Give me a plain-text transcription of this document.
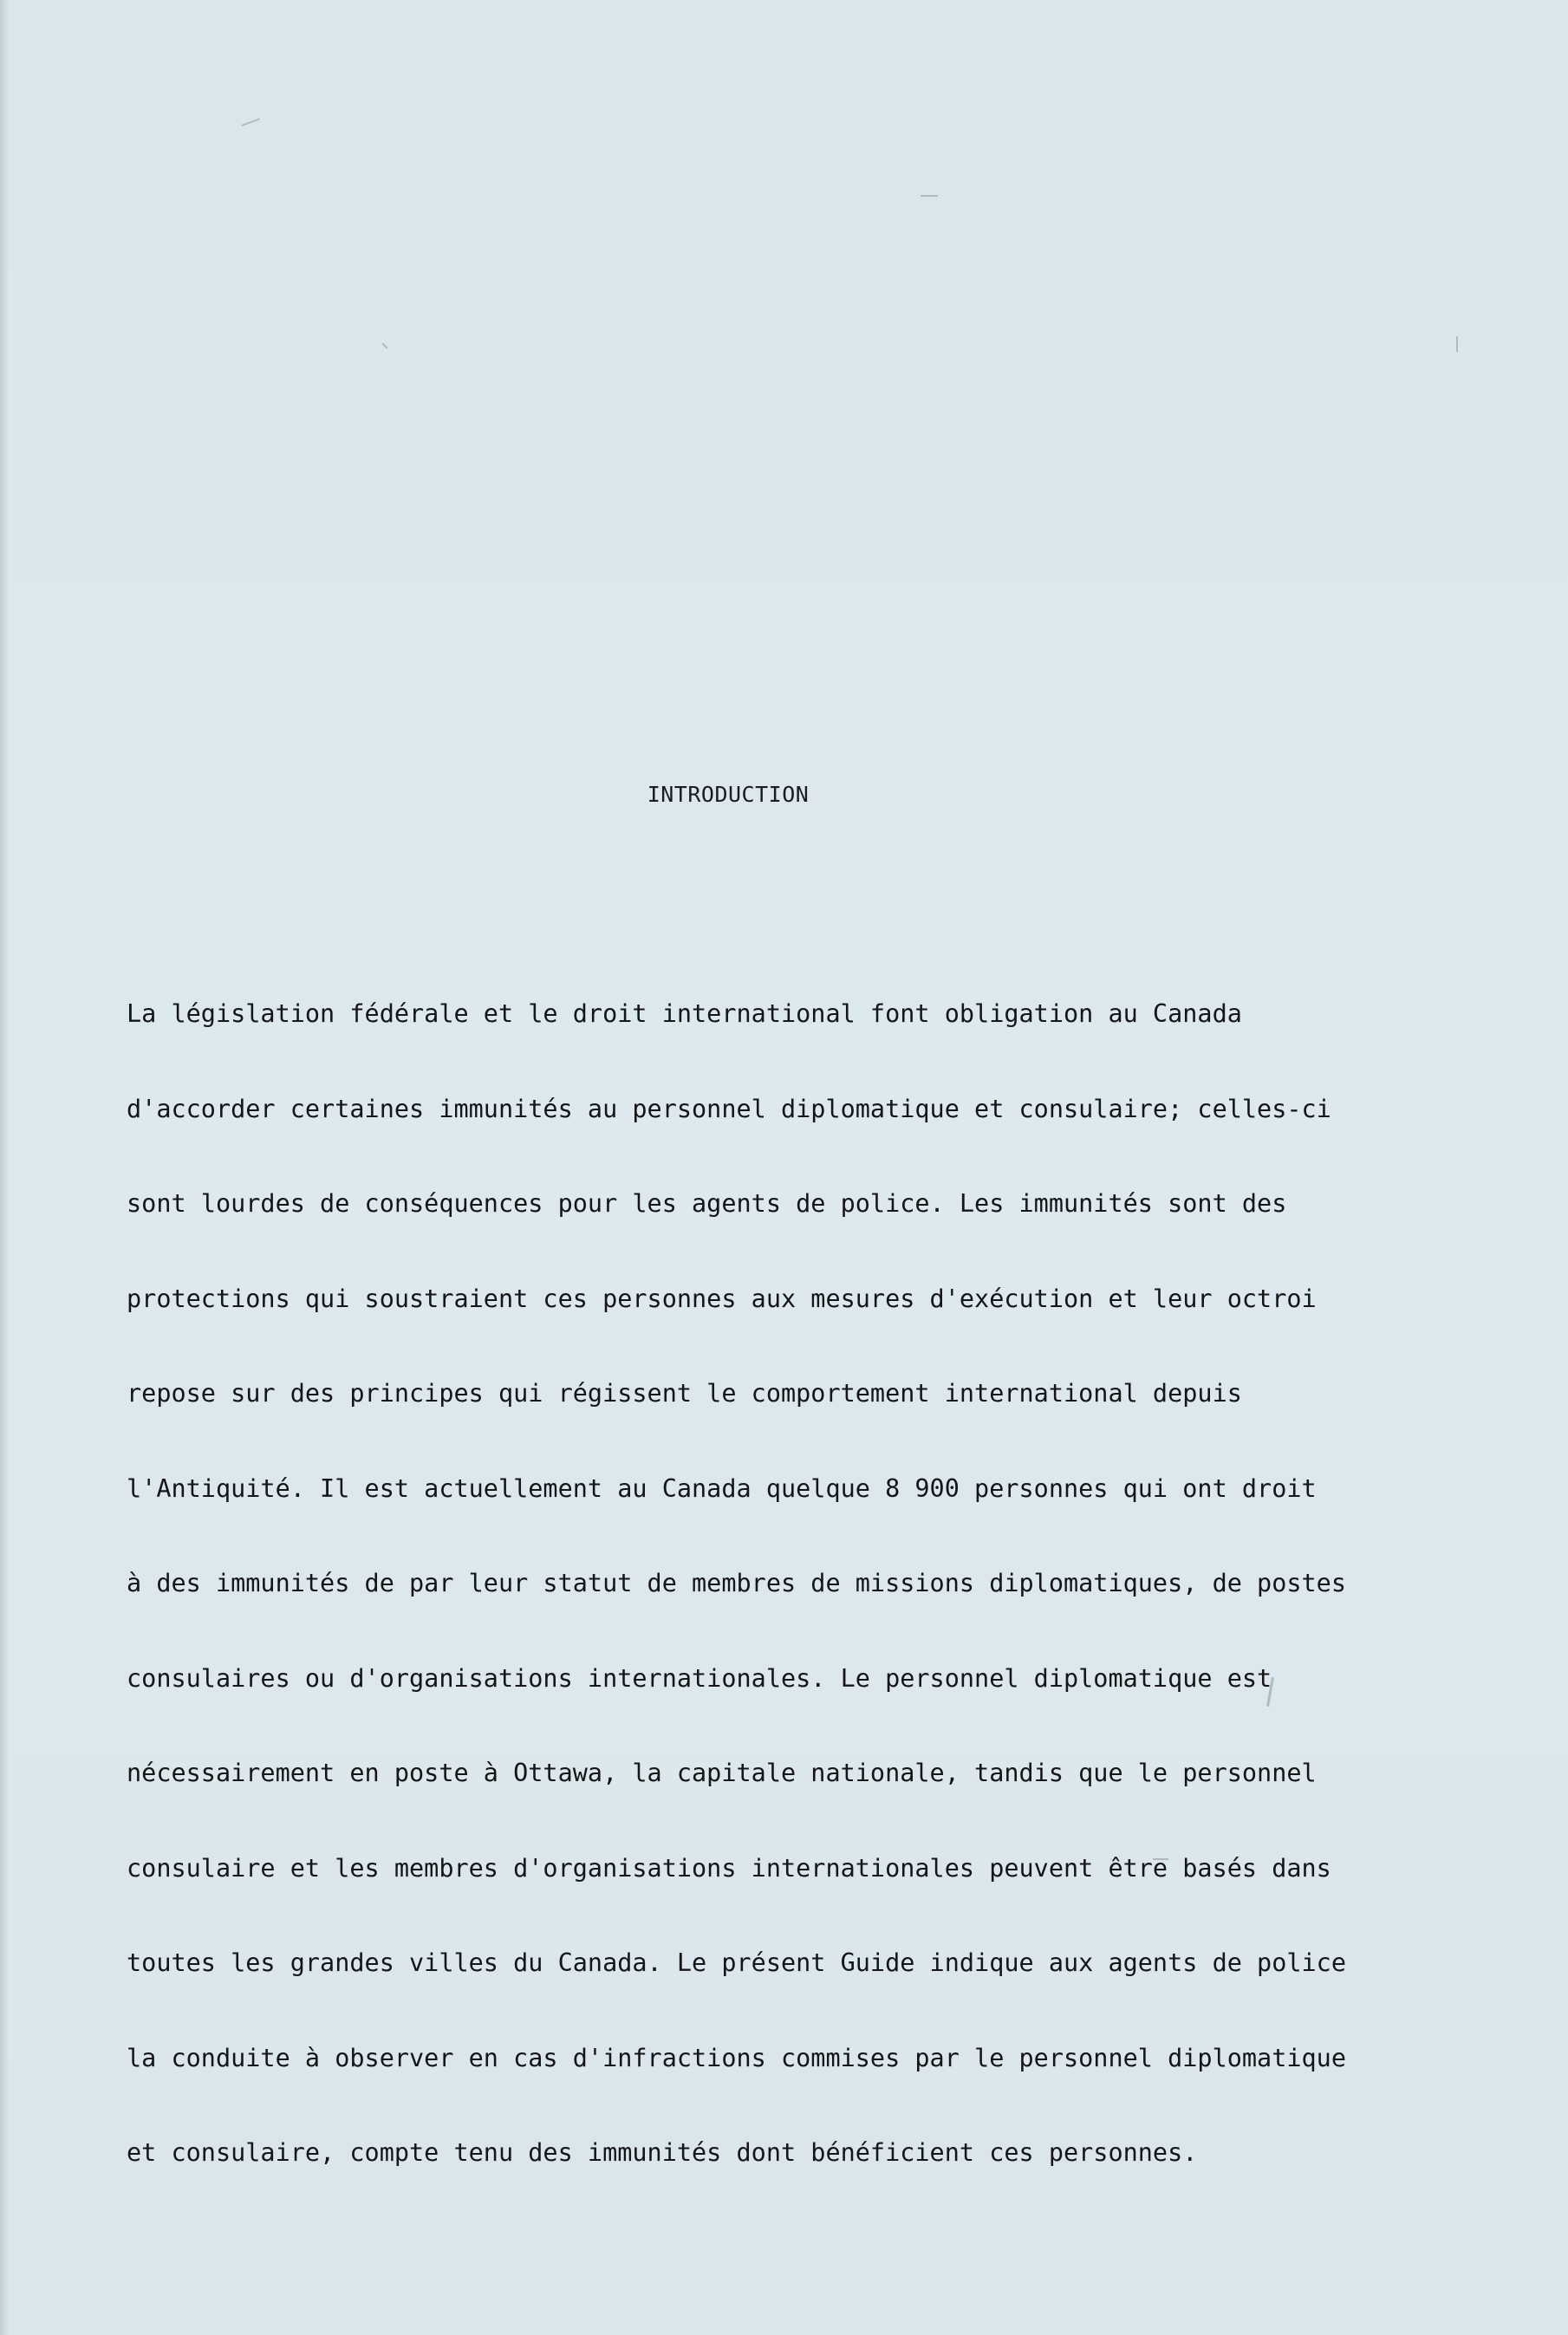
INTRODUCTION

La législation fédérale et le droit international font obligation au Canada

d'accorder certaines immunités au personnel diplomatique et consulaire; celles-ci

sont lourdes de conséquences pour les agents de police. Les immunités sont des

protections qui soustraient ces personnes aux mesures d'exécution et leur octroi

repose sur des principes qui régissent le comportement international depuis

l'Antiquité. Il est actuellement au Canada quelque 8 900 personnes qui ont droit

à des immunités de par leur statut de membres de missions diplomatiques, de postes

consulaires ou d'organisations internationales. Le personnel diplomatique est

nécessairement en poste à Ottawa, la capitale nationale, tandis que le personnel

consulaire et les membres d'organisations internationales peuvent être basés dans

toutes les grandes villes du Canada. Le présent Guide indique aux agents de police

la conduite à observer en cas d'infractions commises par le personnel diplomatique

et consulaire, compte tenu des immunités dont bénéficient ces personnes.
